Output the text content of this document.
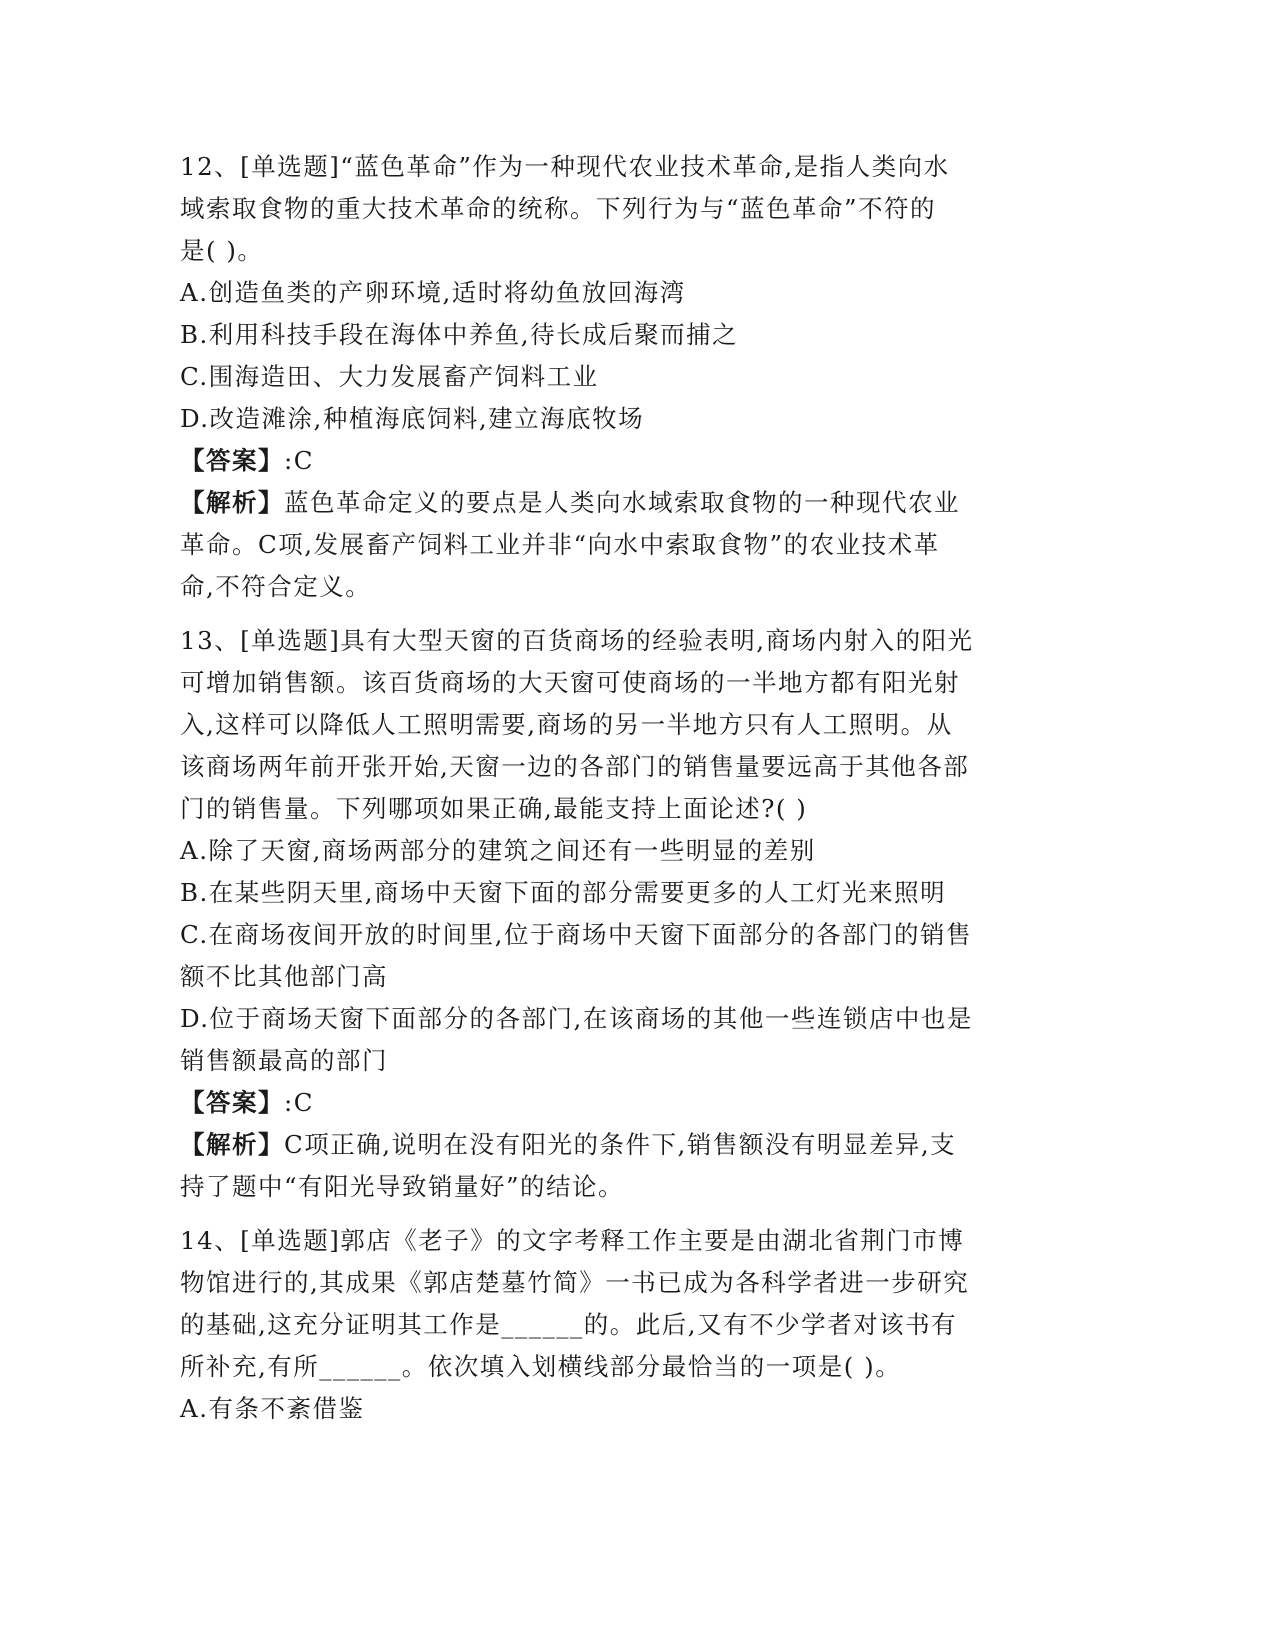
12、[单选题]“蓝色革命”作为一种现代农业技术革命,是指人类向水
域索取食物的重大技术革命的统称。下列行为与“蓝色革命”不符的
是( )。
A.创造鱼类的产卵环境,适时将幼鱼放回海湾
B.利用科技手段在海体中养鱼,待长成后聚而捕之
C.围海造田、大力发展畜产饲料工业
D.改造滩涂,种植海底饲料,建立海底牧场
【答案】:C
【解析】蓝色革命定义的要点是人类向水域索取食物的一种现代农业
革命。C项,发展畜产饲料工业并非“向水中索取食物”的农业技术革
命,不符合定义。
13、[单选题]具有大型天窗的百货商场的经验表明,商场内射入的阳光
可增加销售额。该百货商场的大天窗可使商场的一半地方都有阳光射
入,这样可以降低人工照明需要,商场的另一半地方只有人工照明。从
该商场两年前开张开始,天窗一边的各部门的销售量要远高于其他各部
门的销售量。下列哪项如果正确,最能支持上面论述?( )
A.除了天窗,商场两部分的建筑之间还有一些明显的差别
B.在某些阴天里,商场中天窗下面的部分需要更多的人工灯光来照明
C.在商场夜间开放的时间里,位于商场中天窗下面部分的各部门的销售
额不比其他部门高
D.位于商场天窗下面部分的各部门,在该商场的其他一些连锁店中也是
销售额最高的部门
【答案】:C
【解析】C项正确,说明在没有阳光的条件下,销售额没有明显差异,支
持了题中“有阳光导致销量好”的结论。
14、[单选题]郭店《老子》的文字考释工作主要是由湖北省荆门市博
物馆进行的,其成果《郭店楚墓竹简》一书已成为各科学者进一步研究
的基础,这充分证明其工作是______的。此后,又有不少学者对该书有
所补充,有所______。依次填入划横线部分最恰当的一项是( )。
A.有条不紊借鉴
